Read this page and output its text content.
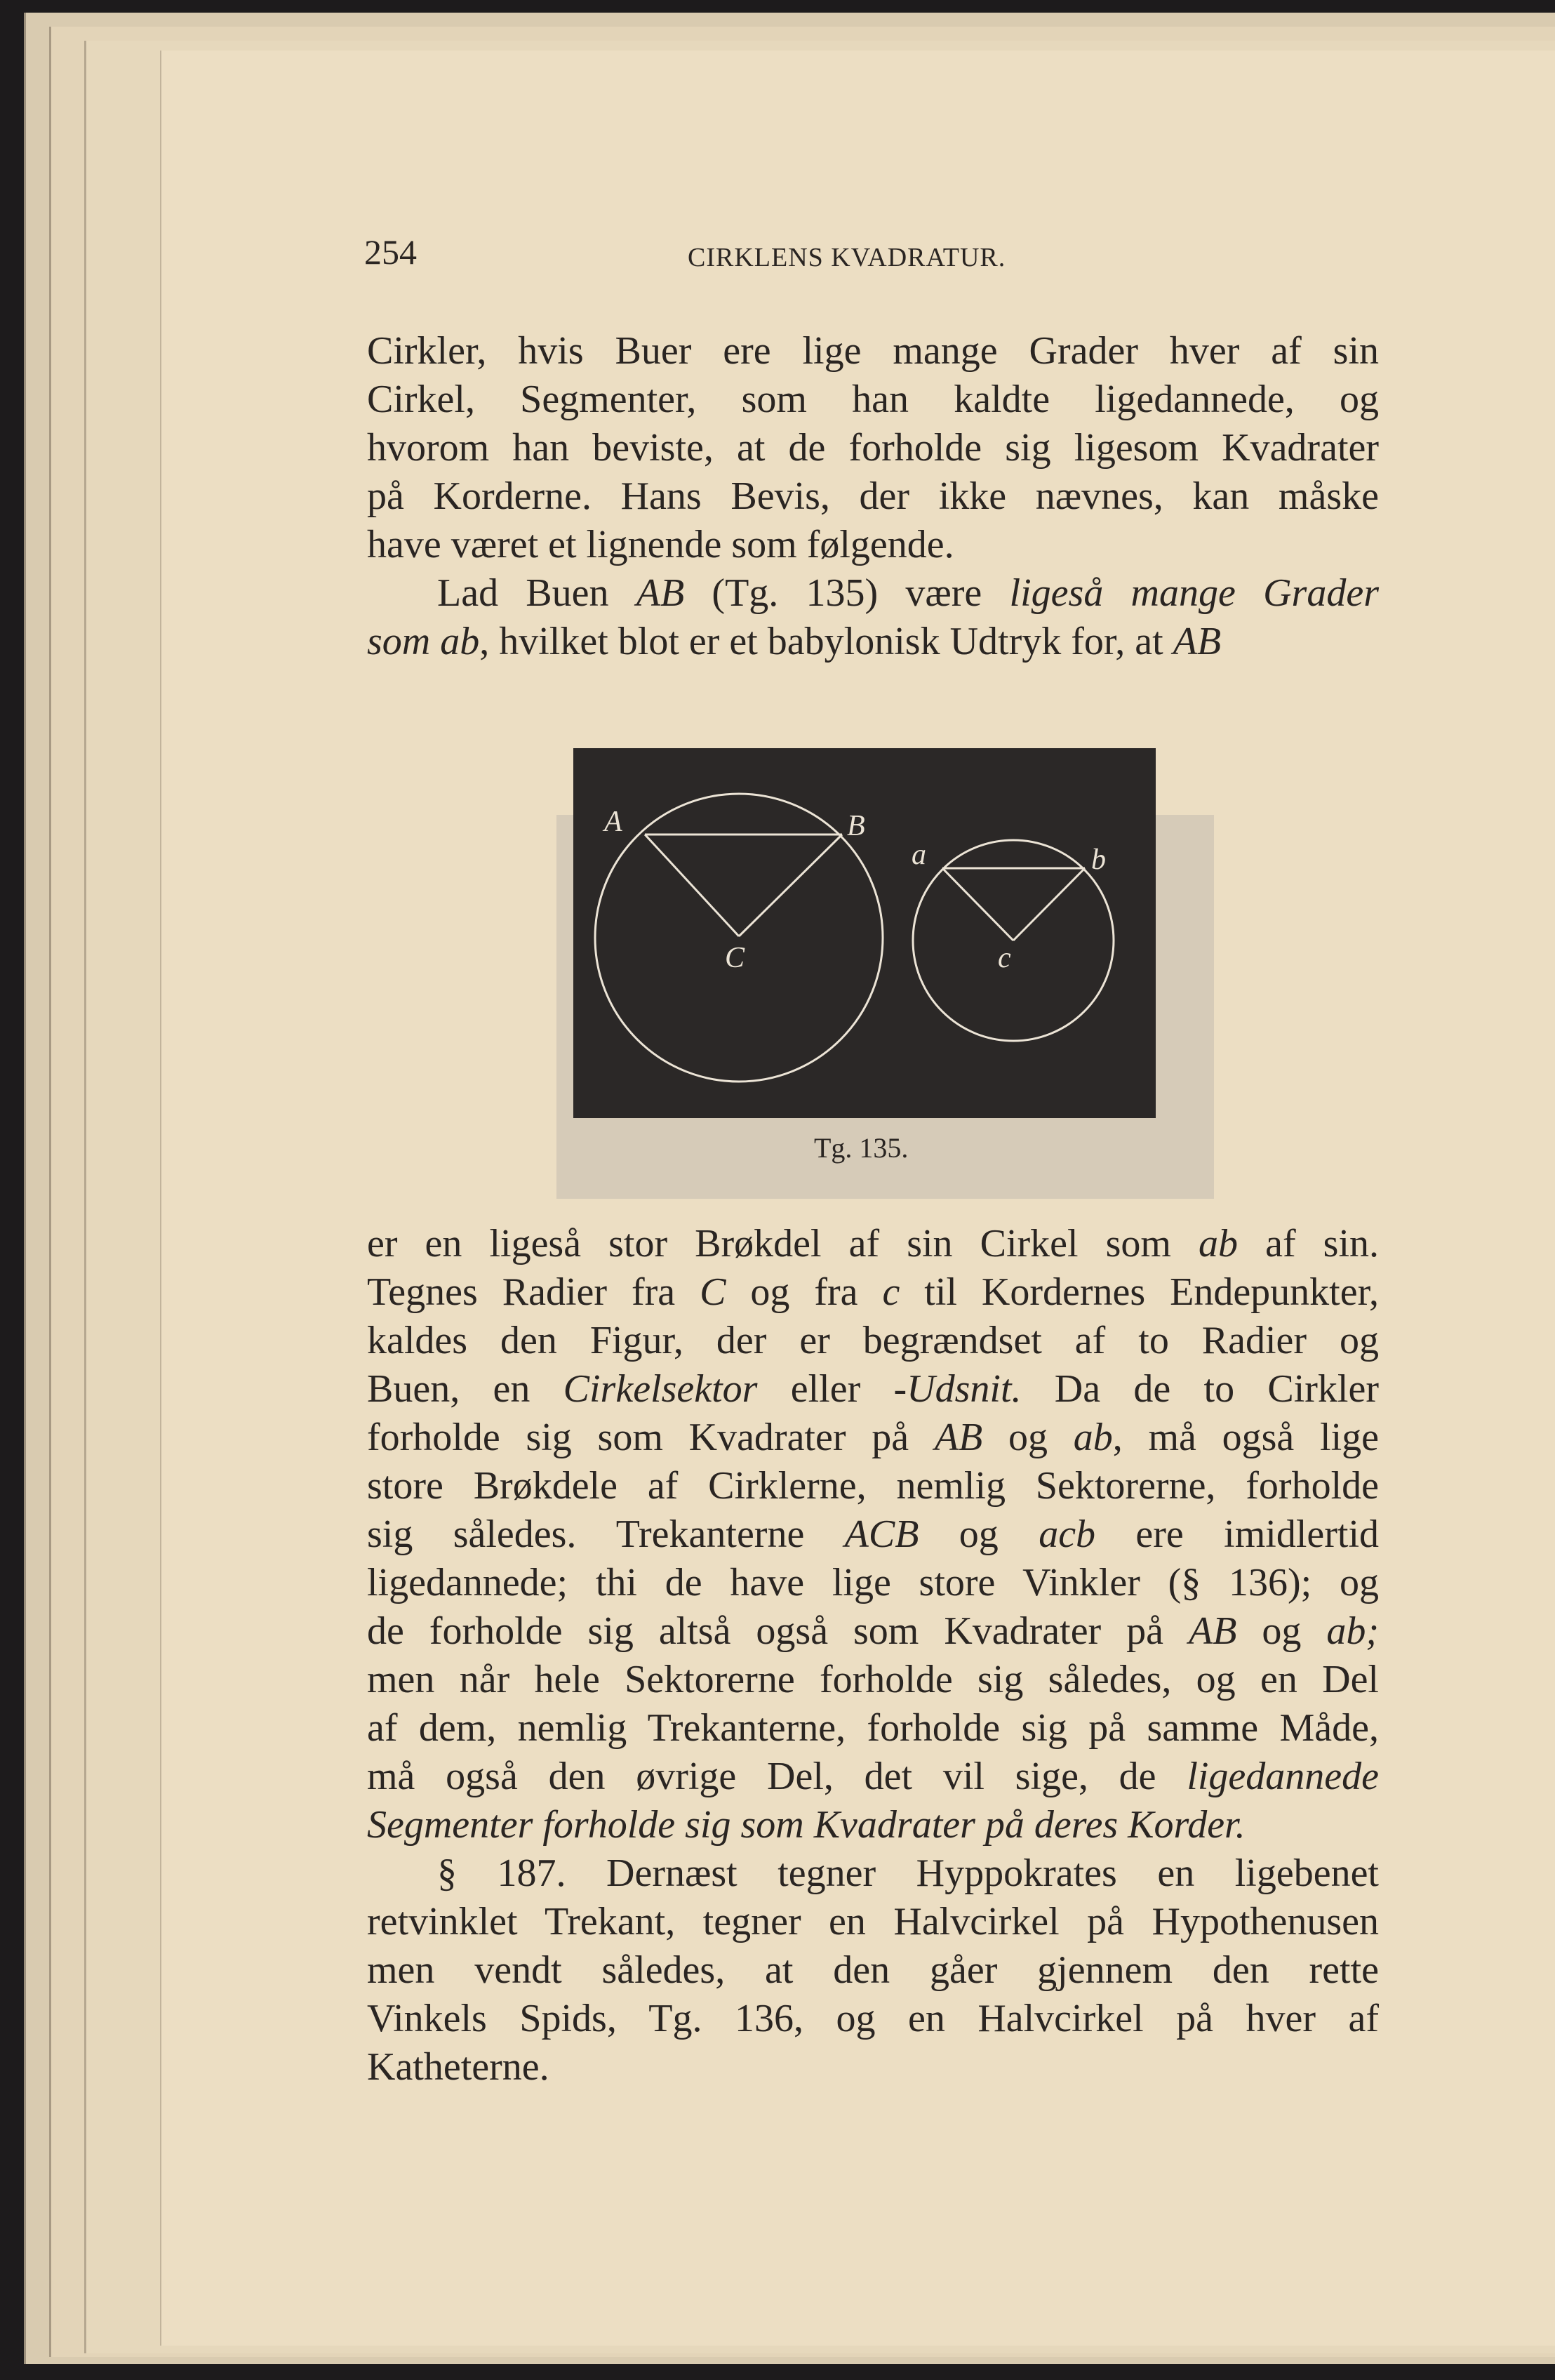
254	CIRKLENS KVADRATUR.
Cirkler, hvis Buer ere lige mange Grader hver af sin
Cirkel, Segmenter, som han kaldte ligedannede, og
hvorom han beviste, at de forholde sig ligesom Kvadrater
på Korderne. Hans Bevis, der ikke nævnes, kan måske
have været et lignende som følgende.
Lad Buen AB (Tg. 135) være ligeså mange Grader
som ab, hvilket blot er et babylonisk Udtryk for, at AB
A	B
C
a	b
c
Tg. 135.
er en ligeså stor Brøkdel af sin Cirkel som ab af sin.
Tegnes Radier fra C og fra c til Kordernes Endepunkter,
kaldes den Figur, der er begrændset af to Radier og
Buen, en Cirkelsektor eller -Udsnit. Da de to Cirkler
forholde sig som Kvadrater på AB og ab, må også lige
store Brøkdele af Cirklerne, nemlig Sektorerne, forholde
sig således. Trekanterne ACB og acb ere imidlertid
ligedannede; thi de have lige store Vinkler (§ 136); og
de forholde sig altså også som Kvadrater på AB og ab;
men når hele Sektorerne forholde sig således, og en Del
af dem, nemlig Trekanterne, forholde sig på samme Måde,
må også den øvrige Del, det vil sige, de ligedannede
Segmenter forholde sig som Kvadrater på deres Korder.
§ 187. Dernæst tegner Hyppokrates en ligebenet
retvinklet Trekant, tegner en Halvcirkel på Hypothenusen
men vendt således, at den gåer gjennem den rette
Vinkels Spids, Tg. 136, og en Halvcirkel på hver af
Katheterne.
